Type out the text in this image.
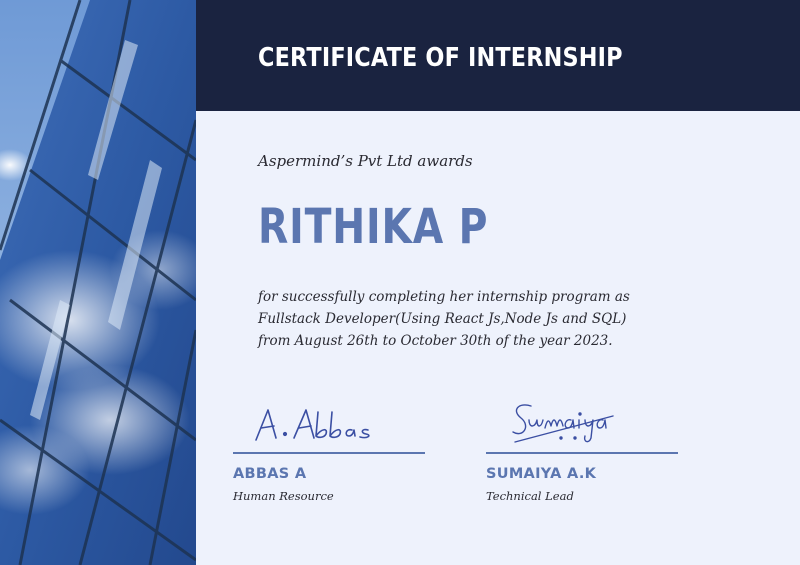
CERTIFICATE OF INTERNSHIP
Aspermind’s Pvt Ltd awards
RITHIKA P
for successfully completing her internship program as
Fullstack Developer(Using React Js,Node Js and SQL)
from August 26th to October 30th of the year 2023.
ABBAS A
Human Resource
SUMAIYA A.K
Technical Lead
